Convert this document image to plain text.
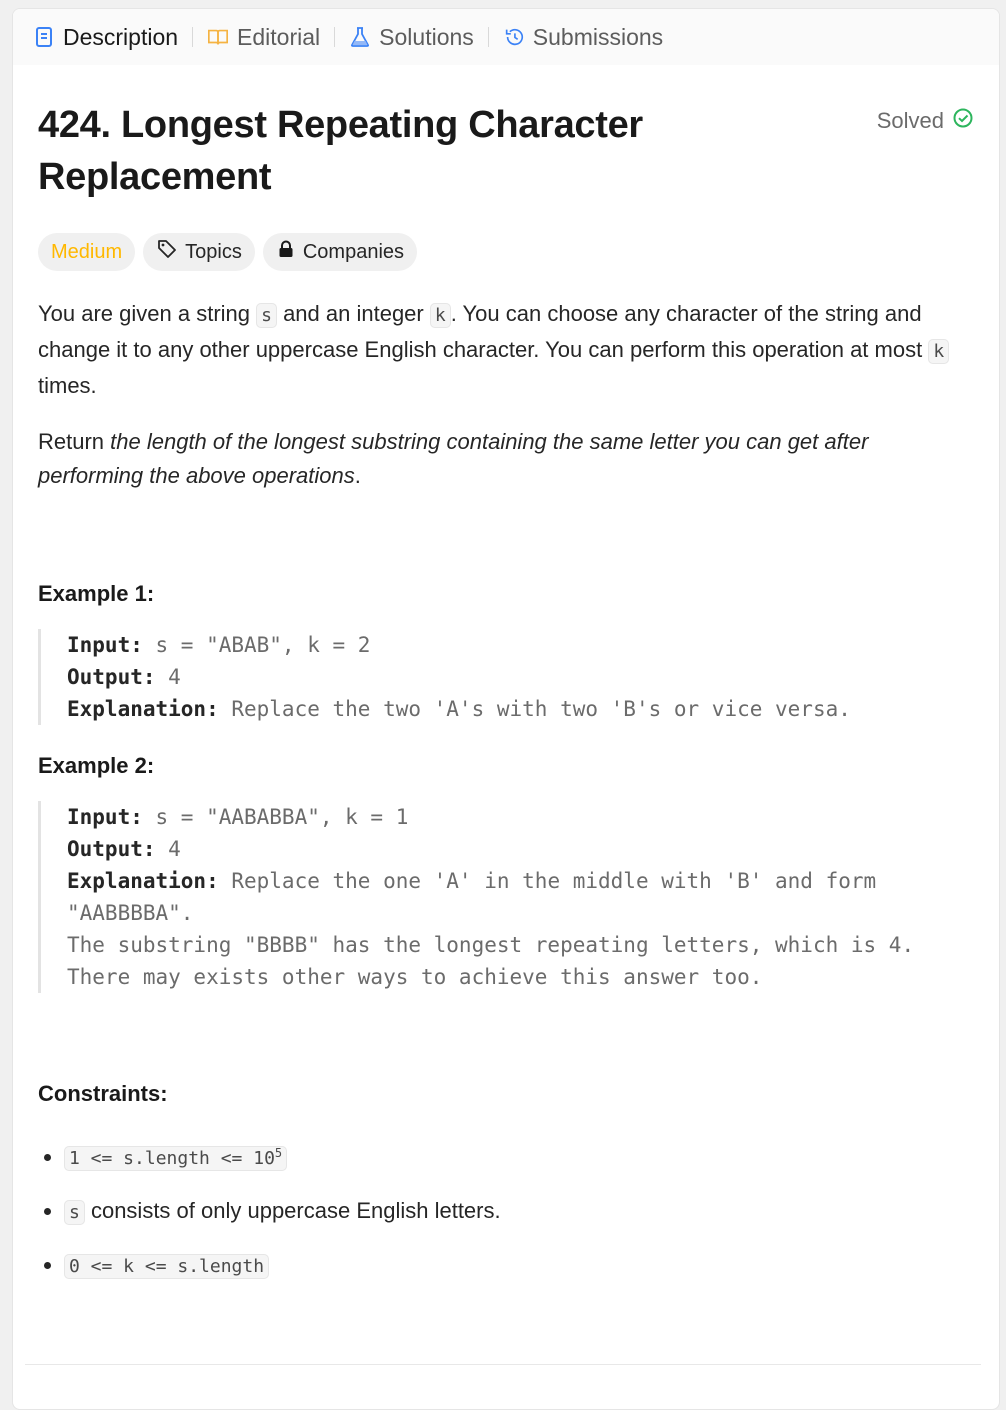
Description	Editorial	Solutions	Submissions
424. Longest Repeating Character Replacement
Solved
Medium	Topics	Companies

You are given a string s and an integer k . You can choose any character of the string and change it to any other uppercase English character. You can perform this operation at most k times.

Return the length of the longest substring containing the same letter you can get after performing the above operations.

Example 1:

Input: s = "ABAB", k = 2
Output: 4
Explanation: Replace the two 'A's with two 'B's or vice versa.

Example 2:

Input: s = "AABABBA", k = 1
Output: 4
Explanation: Replace the one 'A' in the middle with 'B' and form
"AABBBBA".
The substring "BBBB" has the longest repeating letters, which is 4.
There may exists other ways to achieve this answer too.

Constraints:

• 1 <= s.length <= $10^5$
• s consists of only uppercase English letters.
• 0 <= k <= s.length
